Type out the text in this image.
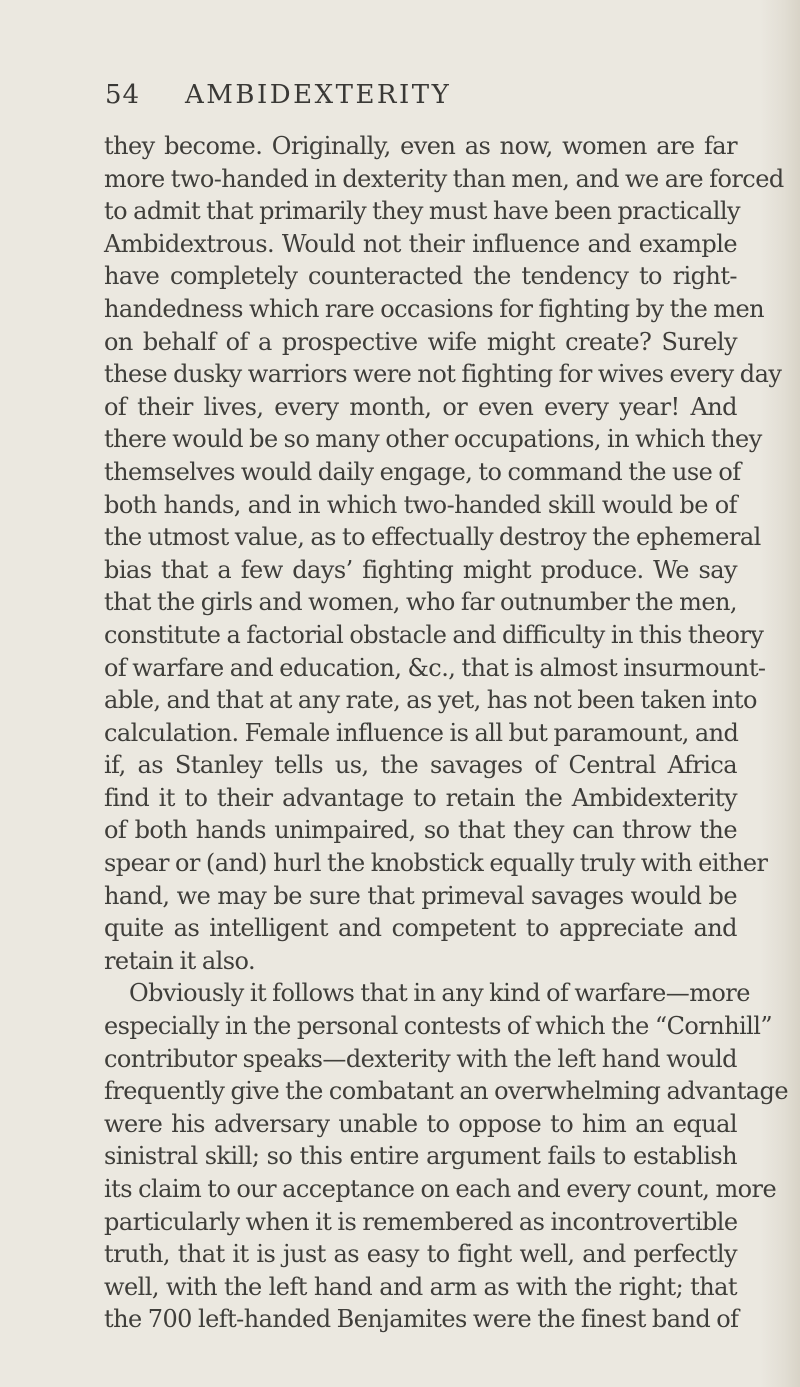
54 AMBIDEXTERITY
they become. Originally, even as now, women are far
more two-handed in dexterity than men, and we are forced
to admit that primarily they must have been practically
Ambidextrous. Would not their influence and example
have completely counteracted the tendency to right-
handedness which rare occasions for fighting by the men
on behalf of a prospective wife might create? Surely
these dusky warriors were not fighting for wives every day
of their lives, every month, or even every year! And
there would be so many other occupations, in which they
themselves would daily engage, to command the use of
both hands, and in which two-handed skill would be of
the utmost value, as to effectually destroy the ephemeral
bias that a few days’ fighting might produce. We say
that the girls and women, who far outnumber the men,
constitute a factorial obstacle and difficulty in this theory
of warfare and education, &c., that is almost insurmount-
able, and that at any rate, as yet, has not been taken into
calculation. Female influence is all but paramount, and
if, as Stanley tells us, the savages of Central Africa
find it to their advantage to retain the Ambidexterity
of both hands unimpaired, so that they can throw the
spear or (and) hurl the knobstick equally truly with either
hand, we may be sure that primeval savages would be
quite as intelligent and competent to appreciate and
retain it also.
Obviously it follows that in any kind of warfare—more
especially in the personal contests of which the “Cornhill”
contributor speaks—dexterity with the left hand would
frequently give the combatant an overwhelming advantage
were his adversary unable to oppose to him an equal
sinistral skill; so this entire argument fails to establish
its claim to our acceptance on each and every count, more
particularly when it is remembered as incontrovertible
truth, that it is just as easy to fight well, and perfectly
well, with the left hand and arm as with the right; that
the 700 left-handed Benjamites were the finest band of
